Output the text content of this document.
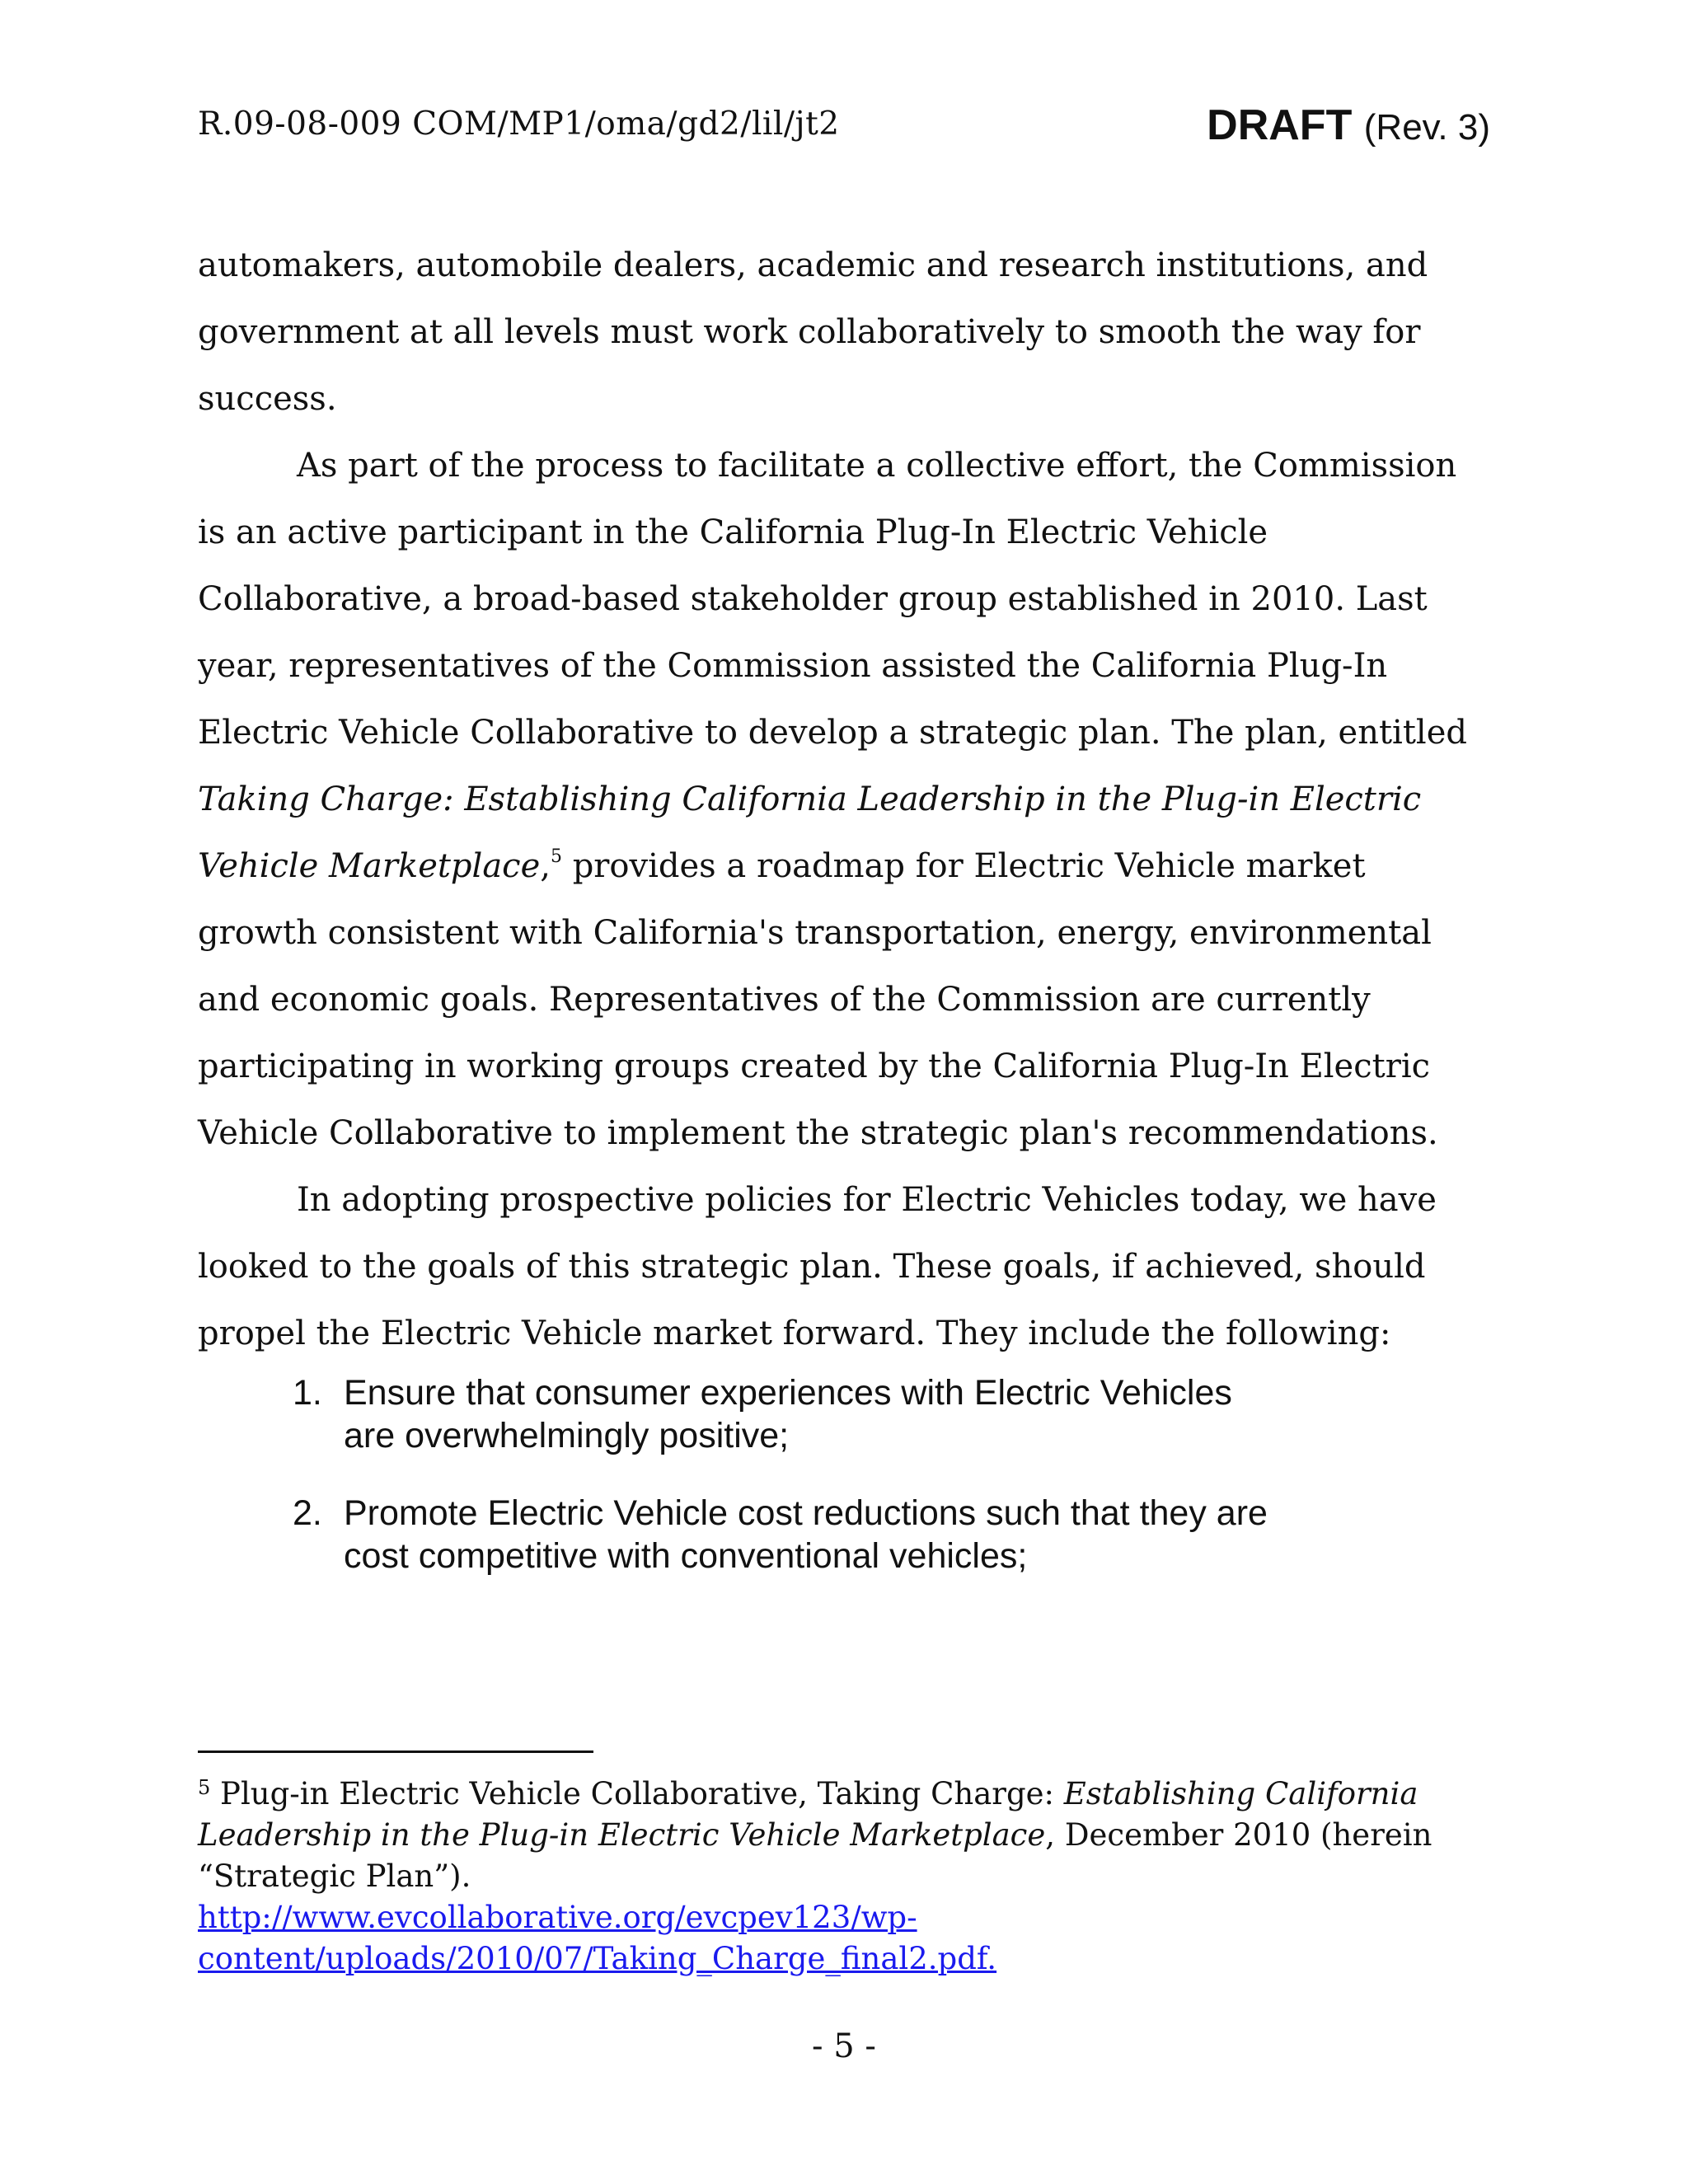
R.09-08-009 COM/MP1/oma/gd2/lil/jt2	DRAFT (Rev. 3)

automakers, automobile dealers, academic and research institutions, and government at all levels must work collaboratively to smooth the way for success.

As part of the process to facilitate a collective effort, the Commission is an active participant in the California Plug-In Electric Vehicle Collaborative, a broad-based stakeholder group established in 2010. Last year, representatives of the Commission assisted the California Plug-In Electric Vehicle Collaborative to develop a strategic plan. The plan, entitled Taking Charge: Establishing California Leadership in the Plug-in Electric Vehicle Marketplace,$^5$ provides a roadmap for Electric Vehicle market growth consistent with California's transportation, energy, environmental and economic goals. Representatives of the Commission are currently participating in working groups created by the California Plug-In Electric Vehicle Collaborative to implement the strategic plan's recommendations.

In adopting prospective policies for Electric Vehicles today, we have looked to the goals of this strategic plan. These goals, if achieved, should propel the Electric Vehicle market forward. They include the following:

1. Ensure that consumer experiences with Electric Vehicles
are overwhelmingly positive;
2. Promote Electric Vehicle cost reductions such that they are
cost competitive with conventional vehicles;
$^5$ Plug-in Electric Vehicle Collaborative, Taking Charge: Establishing California Leadership in the Plug-in Electric Vehicle Marketplace, December 2010 (herein “Strategic Plan”).
http://www.evcollaborative.org/evcpev123/wp-
content/uploads/2010/07/Taking_Charge_final2.pdf.
- 5 -
